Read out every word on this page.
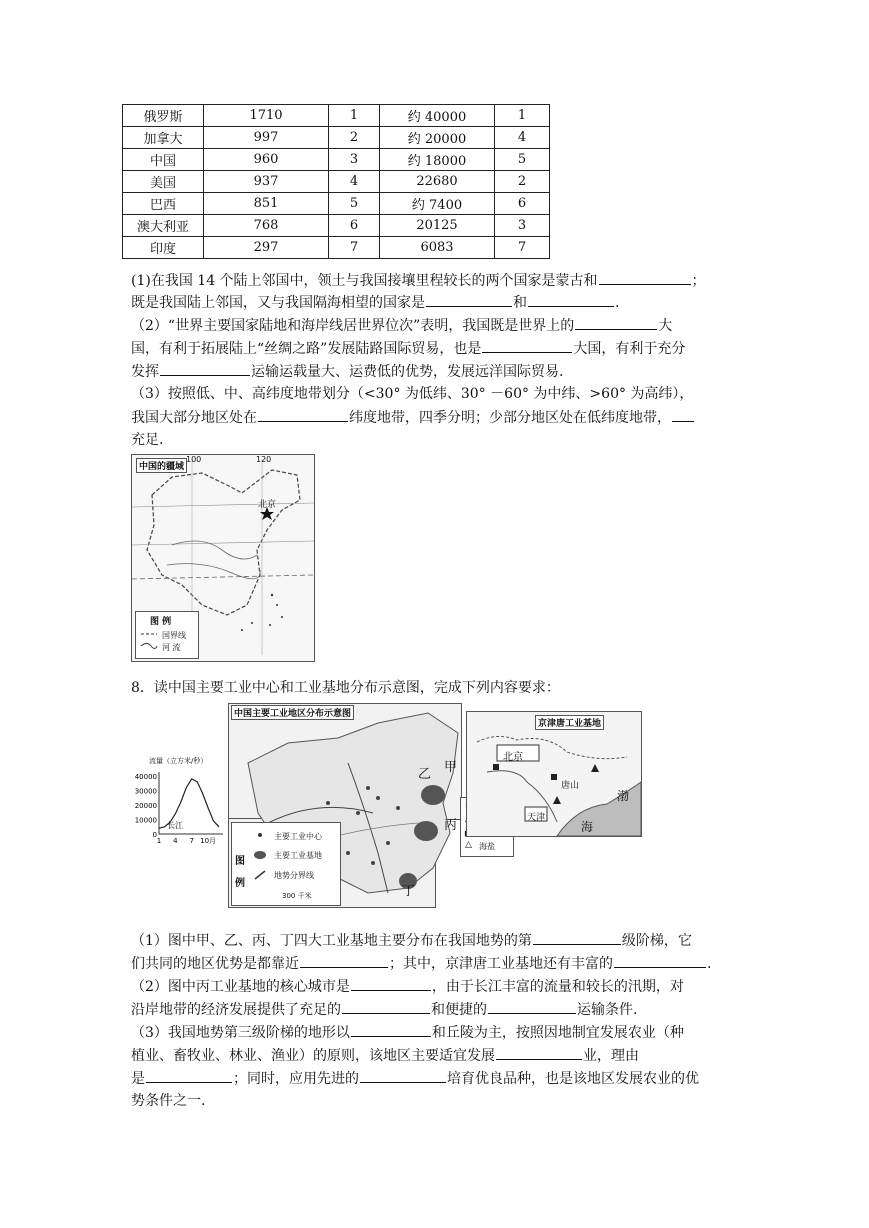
俄罗斯	1710	1	约 40000	1
加拿大	997	2	约 20000	4
中国	960	3	约 18000	5
美国	937	4	22680	2
巴西	851	5	约 7400	6
澳大利亚	768	6	20125	3
印度	297	7	6083	7
(1)在我国 14 个陆上邻国中，领土与我国接壤里程较长的两个国家是蒙古和	；
既是我国陆上邻国，又与我国隔海相望的国家是	和	.
（2）“世界主要国家陆地和海岸线居世界位次”表明，我国既是世界上的	大
国，有利于拓展陆上“丝绸之路”发展陆路国际贸易，也是	大国，有利于充分
发挥	运输运载量大、运费低的优势，发展远洋国际贸易.
（3）按照低、中、高纬度地带划分（<30° 为低纬、30° －60° 为中纬、>60° 为高纬），
我国大部分地区处在	纬度地带，四季分明；少部分地区处在低纬度地带，
充足.
中国的疆域
100	120
北京
图 例
国界线
河 流
8．读中国主要工业中心和工业基地分布示意图，完成下列内容要求：
流量（立方米/秒）
40000
30000
20000
10000
0
1 4 7 10月
长江
中国主要工业地区分布示意图
甲
乙
丙
丁
图 例
主要工业中心
主要工业基地
地势分界线
300 千米
△ 海盐
京津唐工业基地
北京
唐山
天津
渤
海
（1）图中甲、乙、丙、丁四大工业基地主要分布在我国地势的第	级阶梯，它
们共同的地区优势是都靠近	；其中，京津唐工业基地还有丰富的	.
（2）图中丙工业基地的核心城市是	，由于长江丰富的流量和较长的汛期，对
沿岸地带的经济发展提供了充足的	和便捷的	运输条件.
（3）我国地势第三级阶梯的地形以	和丘陵为主，按照因地制宜发展农业（种
植业、畜牧业、林业、渔业）的原则，该地区主要适宜发展	业，理由
是	；同时，应用先进的	培育优良品种，也是该地区发展农业的优
势条件之一.
